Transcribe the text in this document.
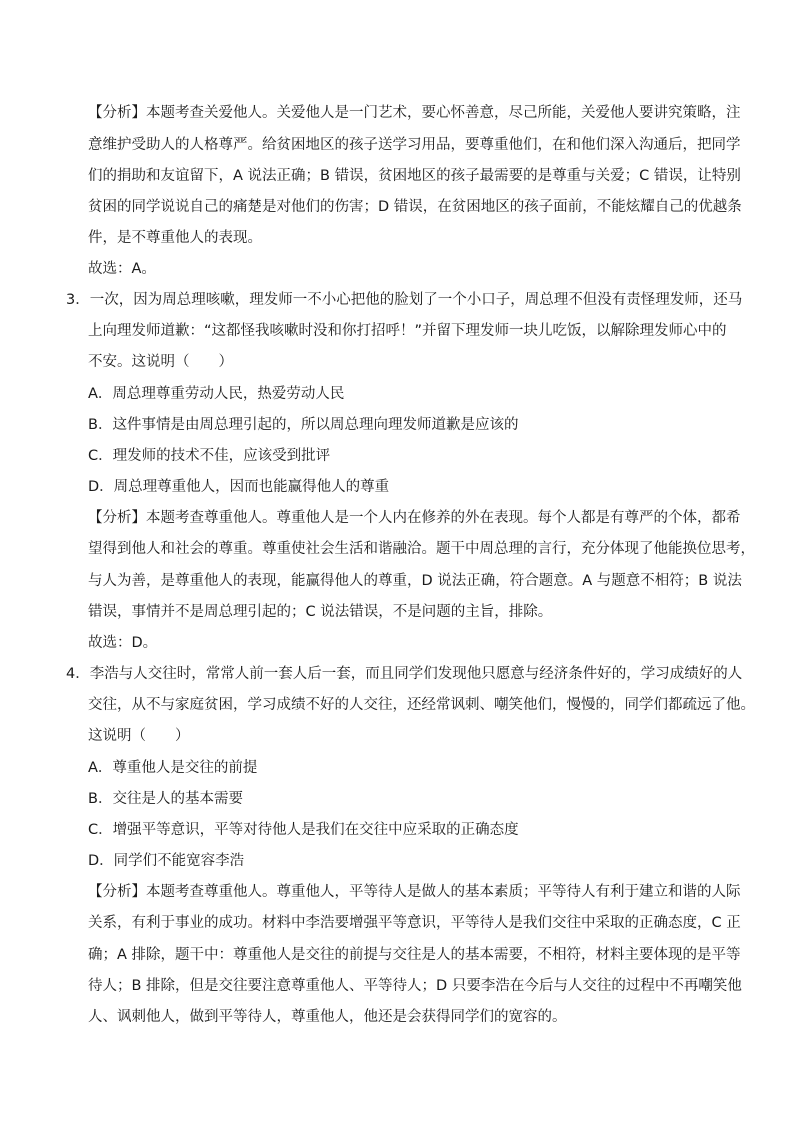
【分析】本题考查关爱他人。关爱他人是一门艺术，要心怀善意，尽己所能，关爱他人要讲究策略，注
意维护受助人的人格尊严。给贫困地区的孩子送学习用品，要尊重他们，在和他们深入沟通后，把同学
们的捐助和友谊留下，A 说法正确；B 错误，贫困地区的孩子最需要的是尊重与关爱；C 错误，让特别
贫困的同学说说自己的痛楚是对他们的伤害；D 错误，在贫困地区的孩子面前，不能炫耀自己的优越条
件，是不尊重他人的表现。
故选：A。
3．一次，因为周总理咳嗽，理发师一不小心把他的脸划了一个小口子，周总理不但没有责怪理发师，还马
上向理发师道歉：“这都怪我咳嗽时没和你打招呼！”并留下理发师一块儿吃饭，以解除理发师心中的
不安。这说明（　　）
A．周总理尊重劳动人民，热爱劳动人民
B．这件事情是由周总理引起的，所以周总理向理发师道歉是应该的
C．理发师的技术不佳，应该受到批评
D．周总理尊重他人，因而也能赢得他人的尊重
【分析】本题考查尊重他人。尊重他人是一个人内在修养的外在表现。每个人都是有尊严的个体，都希
望得到他人和社会的尊重。尊重使社会生活和谐融洽。题干中周总理的言行，充分体现了他能换位思考，
与人为善，是尊重他人的表现，能赢得他人的尊重，D 说法正确，符合题意。A 与题意不相符；B 说法
错误，事情并不是周总理引起的；C 说法错误，不是问题的主旨，排除。
故选：D。
4．李浩与人交往时，常常人前一套人后一套，而且同学们发现他只愿意与经济条件好的，学习成绩好的人
交往，从不与家庭贫困，学习成绩不好的人交往，还经常讽刺、嘲笑他们，慢慢的，同学们都疏远了他。
这说明（　　）
A．尊重他人是交往的前提
B．交往是人的基本需要
C．增强平等意识，平等对待他人是我们在交往中应采取的正确态度
D．同学们不能宽容李浩
【分析】本题考查尊重他人。尊重他人，平等待人是做人的基本素质；平等待人有利于建立和谐的人际
关系，有利于事业的成功。材料中李浩要增强平等意识，平等待人是我们交往中采取的正确态度，C 正
确；A 排除，题干中：尊重他人是交往的前提与交往是人的基本需要，不相符，材料主要体现的是平等
待人；B 排除，但是交往要注意尊重他人、平等待人；D 只要李浩在今后与人交往的过程中不再嘲笑他
人、讽刺他人，做到平等待人，尊重他人，他还是会获得同学们的宽容的。
